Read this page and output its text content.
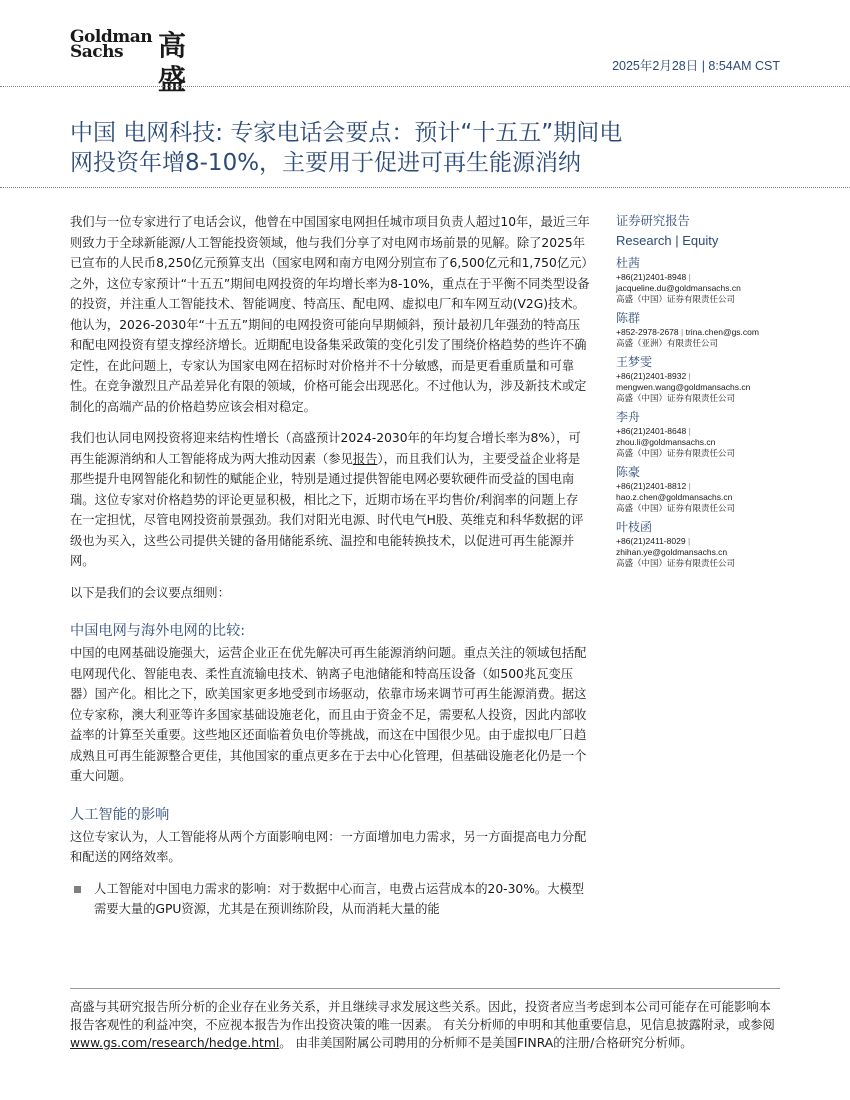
Goldman
Sachs	高盛	2025年2月28日 | 8:54AM CST
中国 电网科技: 专家电话会要点：预计“十五五”期间电
网投资年增8-10%，主要用于促进可再生能源消纳

我们与一位专家进行了电话会议，他曾在中国国家电网担任城市项目负责人超过10年，最近三年则致力于全球新能源/人工智能投资领域，他与我们分享了对电网市场前景的见解。除了2025年已宣布的人民币8,250亿元预算支出（国家电网和南方电网分别宣布了6,500亿元和1,750亿元）之外，这位专家预计“十五五”期间电网投资的年均增长率为8-10%，重点在于平衡不同类型设备的投资，并注重人工智能技术、智能调度、特高压、配电网、虚拟电厂和车网互动(V2G)技术。他认为，2026-2030年“十五五”期间的电网投资可能向早期倾斜，预计最初几年强劲的特高压和配电网投资有望支撑经济增长。近期配电设备集采政策的变化引发了围绕价格趋势的些许不确定性，在此问题上，专家认为国家电网在招标时对价格并不十分敏感，而是更看重质量和可靠性。在竞争激烈且产品差异化有限的领域，价格可能会出现恶化。不过他认为，涉及新技术或定制化的高端产品的价格趋势应该会相对稳定。

我们也认同电网投资将迎来结构性增长（高盛预计2024-2030年的年均复合增长率为8%），可再生能源消纳和人工智能将成为两大推动因素（参见报告），而且我们认为，主要受益企业将是那些提升电网智能化和韧性的赋能企业，特别是通过提供智能电网必要软硬件而受益的国电南瑞。这位专家对价格趋势的评论更显积极，相比之下，近期市场在平均售价/利润率的问题上存在一定担忧，尽管电网投资前景强劲。我们对阳光电源、时代电气H股、英维克和科华数据的评级也为买入，这些公司提供关键的备用储能系统、温控和电能转换技术，以促进可再生能源并网。

以下是我们的会议要点细则：

中国电网与海外电网的比较:

中国的电网基础设施强大，运营企业正在优先解决可再生能源消纳问题。重点关注的领域包括配电网现代化、智能电表、柔性直流输电技术、钠离子电池储能和特高压设备（如500兆瓦变压器）国产化。相比之下，欧美国家更多地受到市场驱动，依靠市场来调节可再生能源消费。据这位专家称，澳大利亚等许多国家基础设施老化，而且由于资金不足，需要私人投资，因此内部收益率的计算至关重要。这些地区还面临着负电价等挑战，而这在中国很少见。由于虚拟电厂日趋成熟且可再生能源整合更佳，其他国家的重点更多在于去中心化管理，但基础设施老化仍是一个重大问题。

人工智能的影响

这位专家认为，人工智能将从两个方面影响电网：一方面增加电力需求，另一方面提高电力分配和配送的网络效率。

人工智能对中国电力需求的影响：对于数据中心而言，电费占运营成本的20-30%。大模型需要大量的GPU资源，尤其是在预训练阶段，从而消耗大量的能
证券研究报告
Research | Equity
杜茜
+86(21)2401-8948 |
jacqueline.du@goldmansachs.cn
高盛（中国）证券有限责任公司
陈群
+852-2978-2678 | trina.chen@gs.com
高盛（亚洲）有限责任公司
王梦雯
+86(21)2401-8932 |
mengwen.wang@goldmansachs.cn
高盛（中国）证券有限责任公司
李舟
+86(21)2401-8648 |
zhou.li@goldmansachs.cn
高盛（中国）证券有限责任公司
陈豪
+86(21)2401-8812 |
hao.z.chen@goldmansachs.cn
高盛（中国）证券有限责任公司
叶枝函
+86(21)2411-8029 |
zhihan.ye@goldmansachs.cn
高盛（中国）证券有限责任公司
高盛与其研究报告所分析的企业存在业务关系，并且继续寻求发展这些关系。因此，投资者应当考虑到本公司可能存在可能影响本报告客观性的利益冲突，不应视本报告为作出投资决策的唯一因素。 有关分析师的申明和其他重要信息，见信息披露附录，或参阅www.gs.com/research/hedge.html。 由非美国附属公司聘用的分析师不是美国FINRA的注册/合格研究分析师。
